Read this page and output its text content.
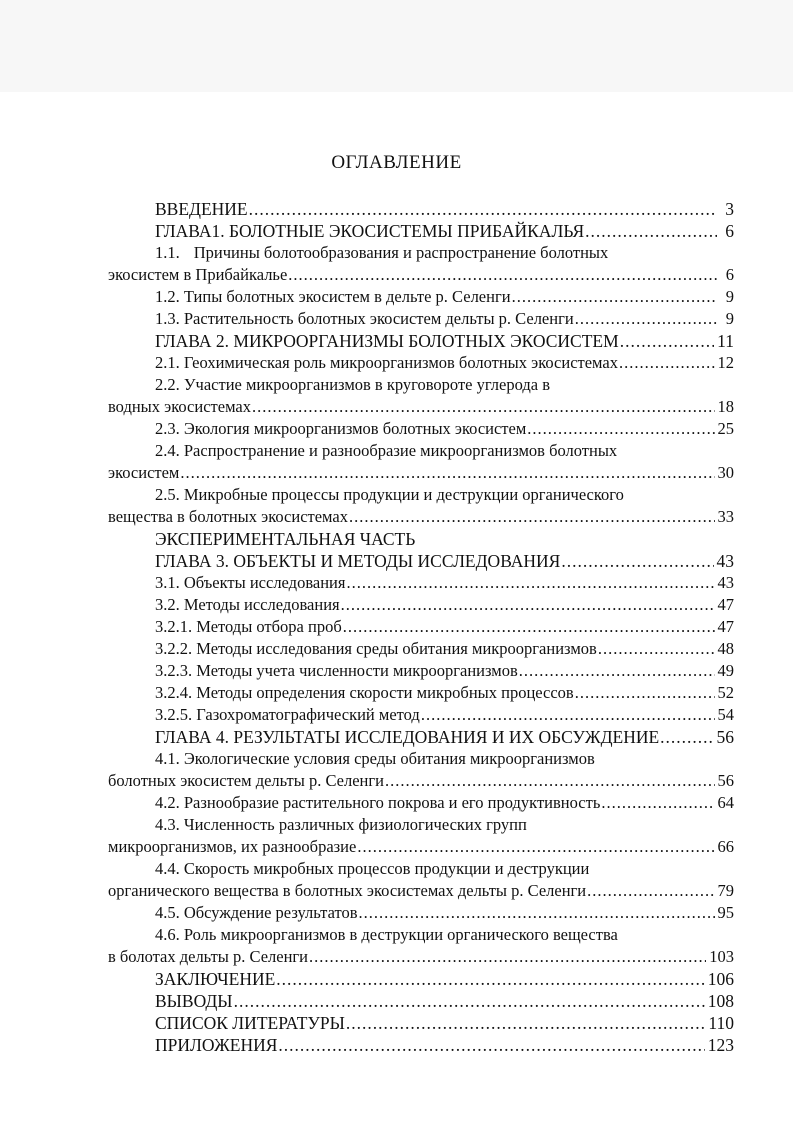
ОГЛАВЛЕНИЕ
ВВЕДЕНИЕ .....	3
ГЛАВА1. БОЛОТНЫЕ ЭКОСИСТЕМЫ ПРИБАЙКАЛЬЯ .....	6
1.1. Причины болотообразования и распространение болотных
экосистем в Прибайкалье .....	6
1.2. Типы болотных экосистем в дельте р. Селенги .....	9
1.3. Растительность болотных экосистем дельты р. Селенги .....	9
ГЛАВА 2. МИКРООРГАНИЗМЫ БОЛОТНЫХ ЭКОСИСТЕМ .....	11
2.1. Геохимическая роль микроорганизмов болотных экосистемах .....	12
2.2. Участие микроорганизмов в круговороте углерода в
водных экосистемах .....	18
2.3. Экология микроорганизмов болотных экосистем .....	25
2.4. Распространение и разнообразие микроорганизмов болотных
экосистем .....	30
2.5. Микробные процессы продукции и деструкции органического
вещества в болотных экосистемах .....	33
ЭКСПЕРИМЕНТАЛЬНАЯ ЧАСТЬ
ГЛАВА 3. ОБЪЕКТЫ И МЕТОДЫ ИССЛЕДОВАНИЯ .....	43
3.1. Объекты исследования .....	43
3.2. Методы исследования .....	47
3.2.1. Методы отбора проб .....	47
3.2.2. Методы исследования среды обитания микроорганизмов .....	48
3.2.3. Методы учета численности микроорганизмов .....	49
3.2.4. Методы определения скорости микробных процессов .....	52
3.2.5. Газохроматографический метод .....	54
ГЛАВА 4. РЕЗУЛЬТАТЫ ИССЛЕДОВАНИЯ И ИХ ОБСУЖДЕНИЕ .....	56
4.1. Экологические условия среды обитания микроорганизмов
болотных экосистем дельты р. Селенги .....	56
4.2. Разнообразие растительного покрова и его продуктивность .....	64
4.3. Численность различных физиологических групп
микроорганизмов, их разнообразие .....	66
4.4. Скорость микробных процессов продукции и деструкции
органического вещества в болотных экосистемах дельты р. Селенги .....	79
4.5. Обсуждение результатов .....	95
4.6. Роль микроорганизмов в деструкции органического вещества
в болотах дельты р. Селенги .....	103
ЗАКЛЮЧЕНИЕ .....	106
ВЫВОДЫ .....	108
СПИСОК ЛИТЕРАТУРЫ .....	110
ПРИЛОЖЕНИЯ .....	123
